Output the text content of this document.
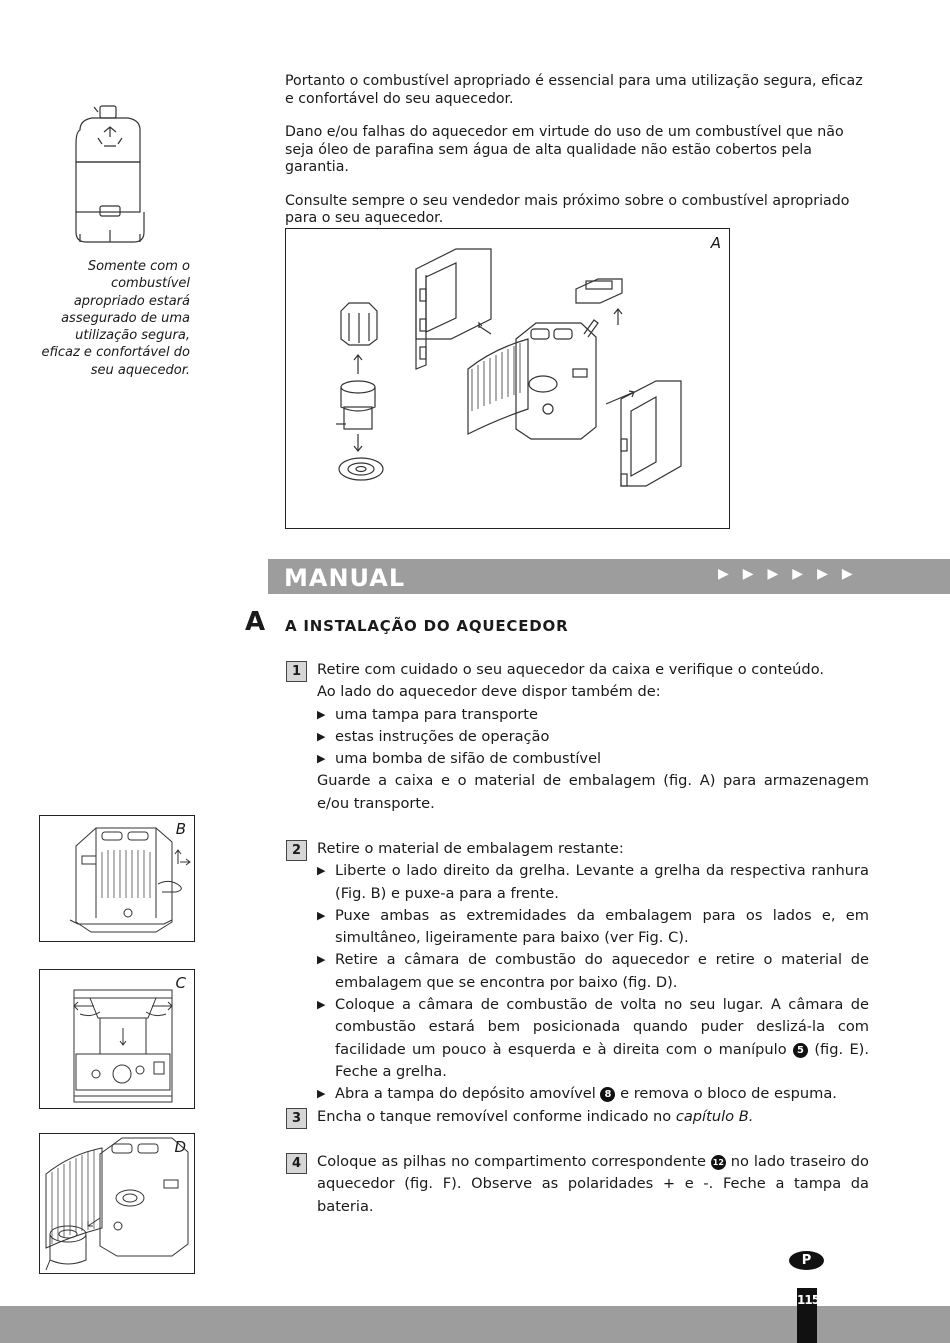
Somente com o combustível apropriado estará assegurado de uma utilização segura, eficaz e confortável do seu aquecedor.

Portanto o combustível apropriado é essencial para uma utilização segura, eficaz e confortável do seu aquecedor.

Dano e/ou falhas do aquecedor em virtude do uso de um combustível que não seja óleo de parafina sem água de alta qualidade não estão cobertos pela garantia.

Consulte sempre o seu vendedor mais próximo sobre o combustível apropriado para o seu aquecedor.

A
MANUAL	▶▶▶▶▶▶
A A INSTALAÇÃO DO AQUECEDOR
1	Retire com cuidado o seu aquecedor da caixa e verifique o conteúdo.

Ao lado do aquecedor deve dispor também de:

▶ uma tampa para transporte
▶ estas instruções de operação
▶ uma bomba de sifão de combustível

Guarde a caixa e o material de embalagem (fig. A) para armazenagem e/ou transporte.

B
2	Retire o material de embalagem restante:

▶ Liberte o lado direito da grelha. Levante a grelha da respectiva ranhura (Fig. B) e puxe-a para a frente.
▶ Puxe ambas as extremidades da embalagem para os lados e, em simultâneo, ligeiramente para baixo (ver Fig. C).
▶ Retire a câmara de combustão do aquecedor e retire o material de embalagem que se encontra por baixo (fig. D).
▶ Coloque a câmara de combustão de volta no seu lugar. A câmara de combustão estará bem posicionada quando puder deslizá-la com facilidade um pouco à esquerda e à direita com o manípulo 5 (fig. E). Feche a grelha.
▶ Abra a tampa do depósito amovível 8 e remova o bloco de espuma.
C
D
3	Encha o tanque removível conforme indicado no capítulo B.

4	Coloque as pilhas no compartimento correspondente 12 no lado traseiro do aquecedor (fig. F). Observe as polaridades + e -. Feche a tampa da bateria.

P
115
